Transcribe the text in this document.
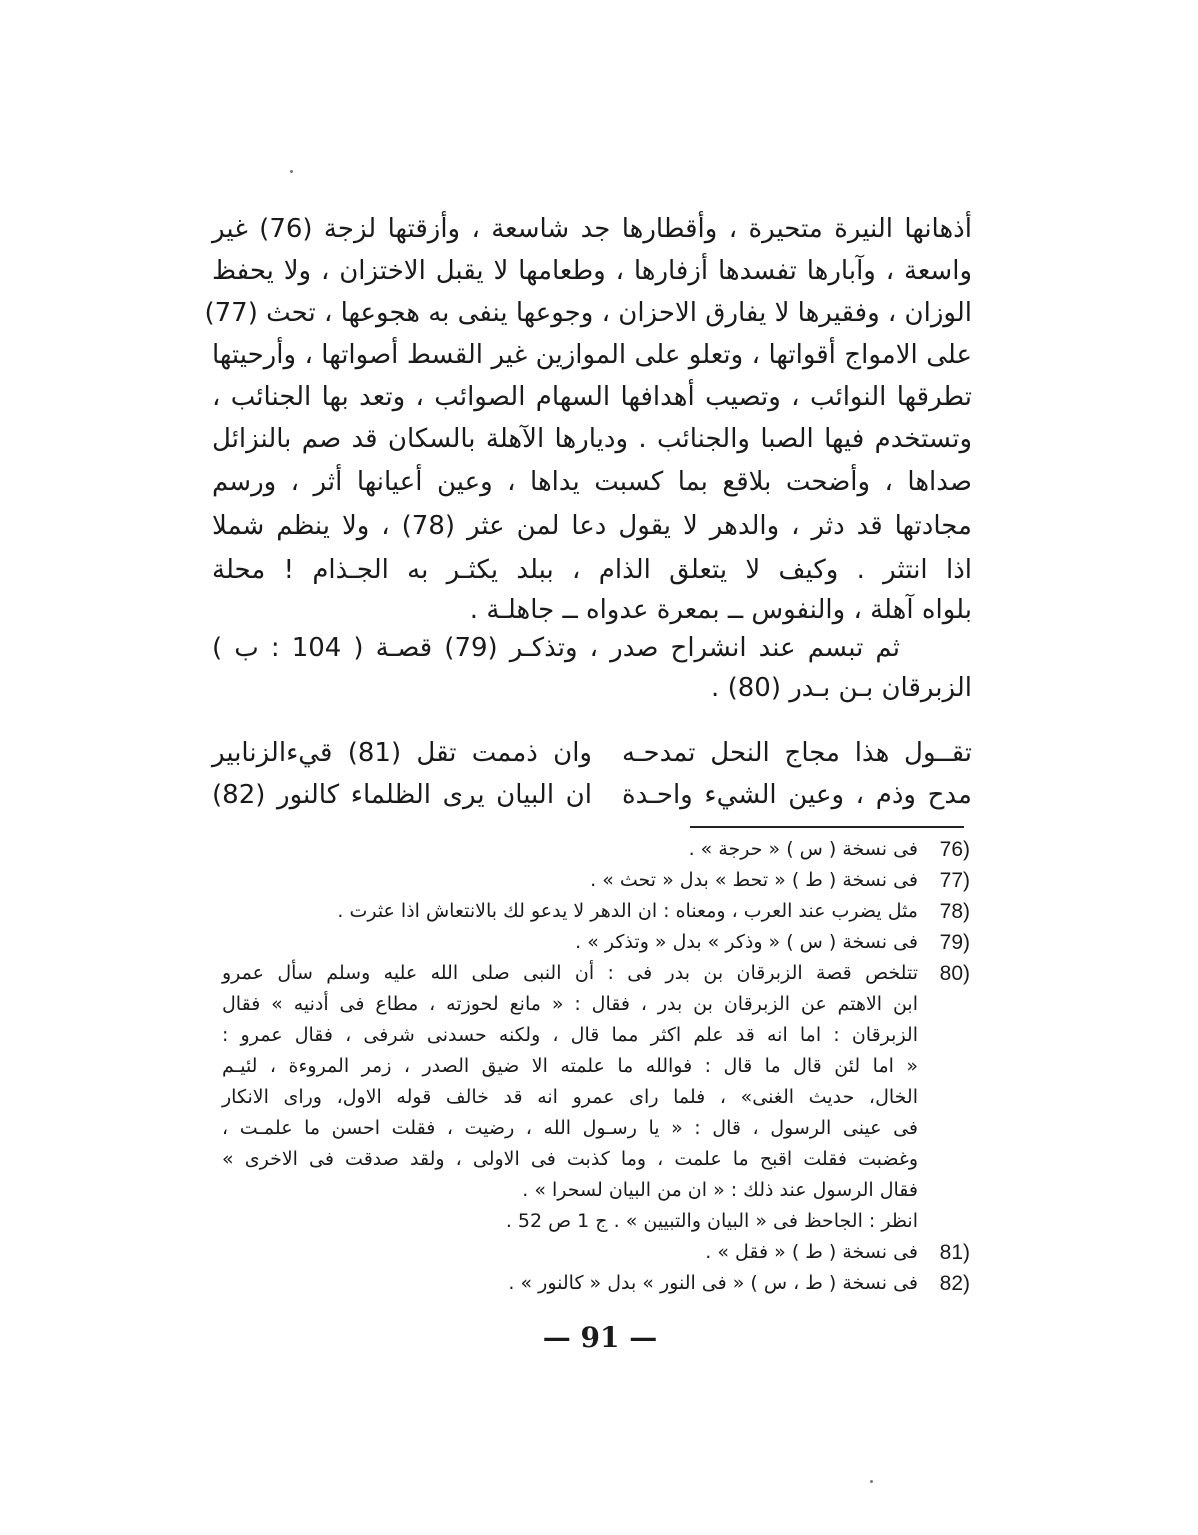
أذهانها النيرة متحيرة ، وأقطارها جد شاسعة ، وأزقتها لزجة (76) غير
واسعة ، وآبارها تفسدها أزفارها ، وطعامها لا يقبل الاختزان ، ولا يحفظ
الوزان ، وفقيرها لا يفارق الاحزان ، وجوعها ينفى به هجوعها ، تحث (77)
على الامواج أقواتها ، وتعلو على الموازين غير القسط أصواتها ، وأرحيتها
تطرقها النوائب ، وتصيب أهدافها السهام الصوائب ، وتعد بها الجنائب ،
وتستخدم فيها الصبا والجنائب . وديارها الآهلة بالسكان قد صم بالنزائل
صداها ، وأضحت بلاقع بما كسبت يداها ، وعين أعيانها أثر ، ورسم
مجادتها قد دثر ، والدهر لا يقول دعا لمن عثر (78) ، ولا ينظم شملا
اذا انتثر . وكيف لا يتعلق الذام ، ببلد يكثـر به الجـذام ! محلة
بلواه آهلة ، والنفوس ــ بمعرة عدواه ــ جاهلـة .
ثم تبسم عند انشراح صدر ، وتذكـر (79) قصـة ( 104 : ب )
الزبرقان بـن بـدر (80) .
تقــول هذا مجاج النحل تمدحـه
وان ذممت تقل (81) قيءالزنابير
مدح وذم ، وعين الشيء واحـدة
ان البيان يرى الظلماء كالنور (82)
76)
فى نسخة ( س ) « حرجة » .
77)
فى نسخة ( ط ) « تحط » بدل « تحث » .
78)
مثل يضرب عند العرب ، ومعناه : ان الدهر لا يدعو لك بالانتعاش اذا عثرت .
79)
فى نسخة ( س ) « وذكر » بدل « وتذكر » .
80)
تتلخص قصة الزبرقان بن بدر فى : أن النبى صلى الله عليه وسلم سأل عمرو
ابن الاهتم عن الزبرقان بن بدر ، فقال : « مانع لحوزته ، مطاع فى أدنيه » فقال
الزبرقان : اما انه قد علم اكثر مما قال ، ولكنه حسدنى شرفى ، فقال عمرو :
« اما لئن قال ما قال : فوالله ما علمته الا ضيق الصدر ، زمر المروءة ، لئيـم
الخال، حديث الغنى» ، فلما راى عمرو انه قد خالف قوله الاول، وراى الانكار
فى عينى الرسول ، قال : « يا رسـول الله ، رضيت ، فقلت احسن ما علمـت ،
وغضبت فقلت اقبح ما علمت ، وما كذبت فى الاولى ، ولقد صدقت فى الاخرى »
فقال الرسول عند ذلك : « ان من البيان لسحرا » .
انظر : الجاحظ فى « البيان والتبيين » . ج 1 ص 52 .
81)
فى نسخة ( ط ) « فقل » .
82)
فى نسخة ( ط ، س ) « فى النور » بدل « كالنور » .
— 91 —
